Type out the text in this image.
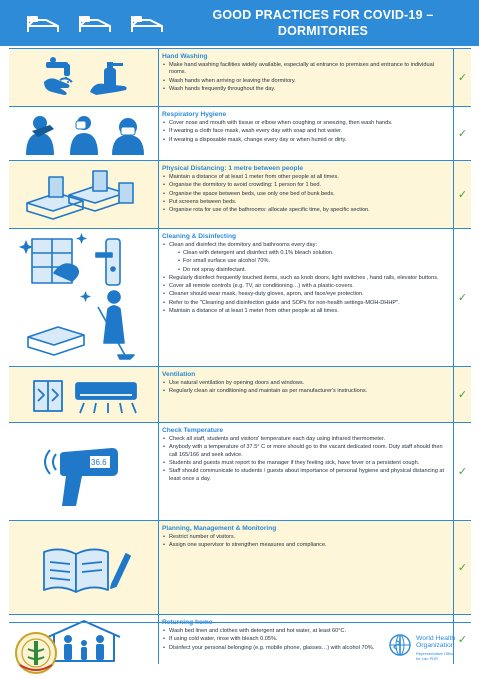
GOOD PRACTICES FOR COVID-19 –
DORMITORIES
Hand Washing
• Make hand washing facilities widely available, especially at entrance to premises and entrance to individual rooms.
• Wash hands when arriving or leaving the dormitory.
• Wash hands frequently throughout the day.
✓
Respiratory Hygiene
• Cover nose and mouth with tissue or elbow when coughing or sneezing, then wash hands.
• If wearing a cloth face mask, wash every day with soap and hot water.
• If wearing a disposable mask, change every day or when humid or dirty.	✓
Physical Distancing: 1 metre between people
• Maintain a distance of at least 1 meter from other people at all times.
• Organise the dormitory to avoid crowding: 1 person for 1 bed.
• Organise the space between beds, use only one bed of bunk beds.
• Put screens between beds.
• Organise rota for use of the bathrooms: allocate specific time, by specific section.
✓
Cleaning & Disinfecting
• Clean and disinfect the dormitory and bathrooms every day:
• Clean with detergent and disinfect with 0.1% bleach solution.
• For small surface use alcohol 70%.
• Do not spray disinfectant.
• Regularly disinfect frequently touched items, such as knob doors, light switches , hand rails, elevator buttons.
• Cover all remote controls (e.g. TV, air conditioning…) with a plastic-covers.
• Cleaner should wear mask, heavy-duty gloves, apron, and face/eye protection.
• Refer to the "Cleaning and disinfection guide and SOPs for non-health settings-MOH-DHHP".
• Maintain a distance of at least 1 meter from other people at all times.
✓
Ventilation
• Use natural ventilation by opening doors and windows.
• Regularly clean air conditioning and maintain as per manufacturer's instructions.	✓
36.6
Check Temperature
• Check all staff, students and visitors' temperature each day using infrared thermometer.
• Anybody with a temperature of 37.5° C or more should go to the vacant dedicated room. Duty staff should then call 165/166 and seek advice.
• Students and guests must report to the manager if they feeling sick, have fever or a persistent cough.
• Staff should communicate to students / guests about importance of personal hygiene and physical distancing at least once a day.
✓
Planning, Management & Monitoring
• Restrict number of visitors.
• Assign one supervisor to strengthen measures and compliance.
✓
Returning home
• Wash bed linen and clothes with detergent and hot water, at least 60°C.
• If using cold water, rinse with bleach 0.05%.
• Disinfect your personal belonging (e.g. mobile phone, glasses…) with alcohol 70%.
✓
World Health
Organization
Representative Office
for Lao PDR
